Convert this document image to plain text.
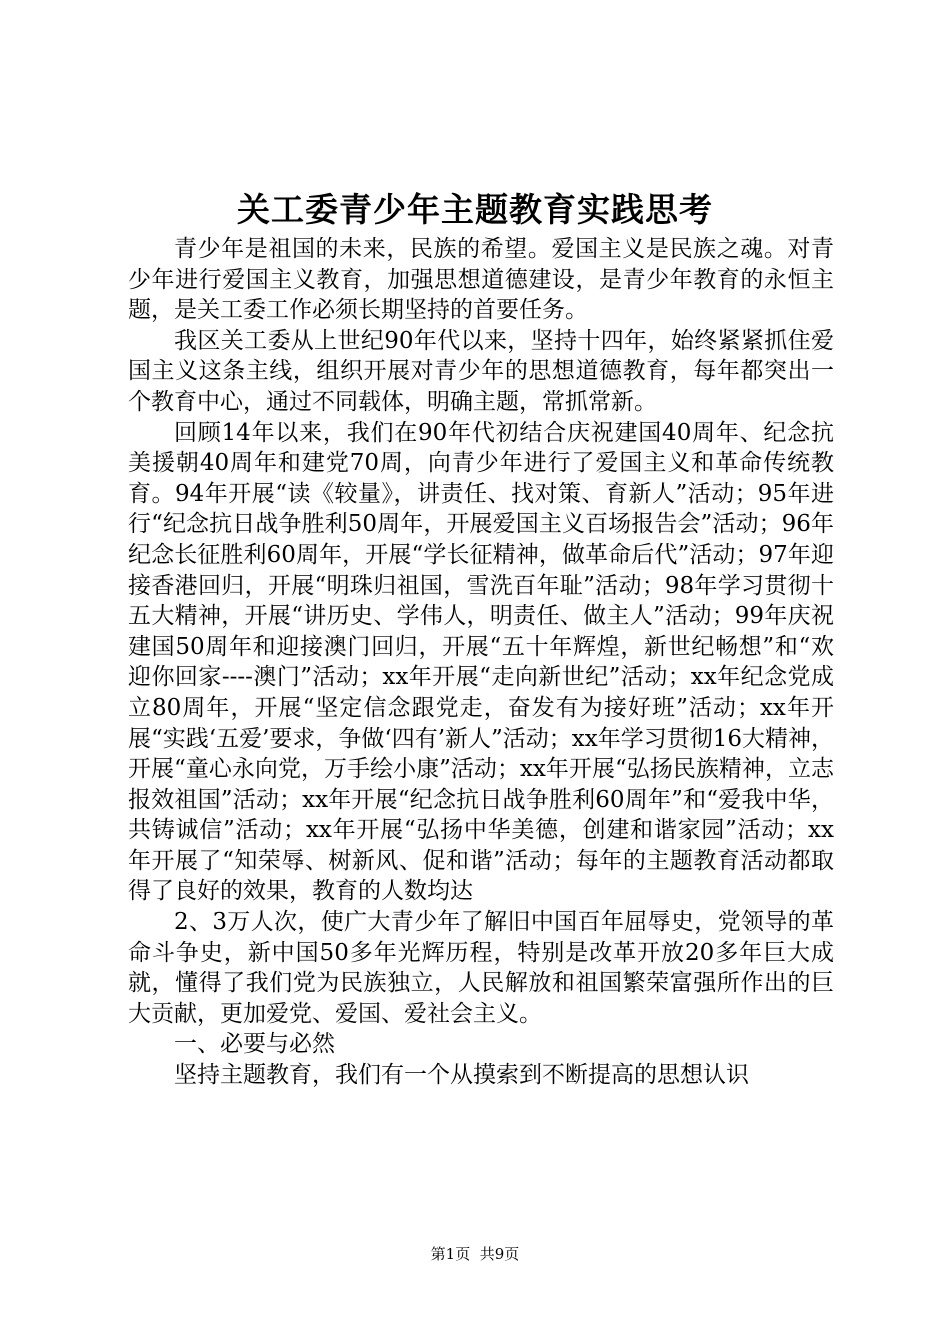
关工委青少年主题教育实践思考

青少年是祖国的未来，民族的希望。爱国主义是民族之魂。对青少年进行爱国主义教育，加强思想道德建设，是青少年教育的永恒主题，是关工委工作必须长期坚持的首要任务。

我区关工委从上世纪90年代以来，坚持十四年，始终紧紧抓住爱国主义这条主线，组织开展对青少年的思想道德教育，每年都突出一个教育中心，通过不同载体，明确主题，常抓常新。

回顾14年以来，我们在90年代初结合庆祝建国40周年、纪念抗美援朝40周年和建党70周，向青少年进行了爱国主义和革命传统教育。94年开展“读《较量》，讲责任、找对策、育新人”活动；95年进行“纪念抗日战争胜利50周年，开展爱国主义百场报告会”活动；96年纪念长征胜利60周年，开展“学长征精神，做革命后代”活动；97年迎接香港回归，开展“明珠归祖国，雪洗百年耻”活动；98年学习贯彻十五大精神，开展“讲历史、学伟人，明责任、做主人”活动；99年庆祝建国50周年和迎接澳门回归，开展“五十年辉煌，新世纪畅想”和“欢迎你回家----澳门”活动；xx年开展“走向新世纪”活动；xx年纪念党成立80周年，开展“坚定信念跟党走，奋发有为接好班”活动；xx年开展“实践‘五爱’要求，争做‘四有’新人”活动；xx年学习贯彻16大精神，开展“童心永向党，万手绘小康”活动；xx年开展“弘扬民族精神，立志报效祖国”活动；xx年开展“纪念抗日战争胜利60周年”和“爱我中华，共铸诚信”活动；xx年开展“弘扬中华美德，创建和谐家园”活动；xx年开展了“知荣辱、树新风、促和谐”活动；每年的主题教育活动都取得了良好的效果，教育的人数均达

2、3万人次，使广大青少年了解旧中国百年屈辱史，党领导的革命斗争史，新中国50多年光辉历程，特别是改革开放20多年巨大成就，懂得了我们党为民族独立，人民解放和祖国繁荣富强所作出的巨大贡献，更加爱党、爱国、爱社会主义。

一、必要与必然

坚持主题教育，我们有一个从摸索到不断提高的思想认识

第1页 共9页
